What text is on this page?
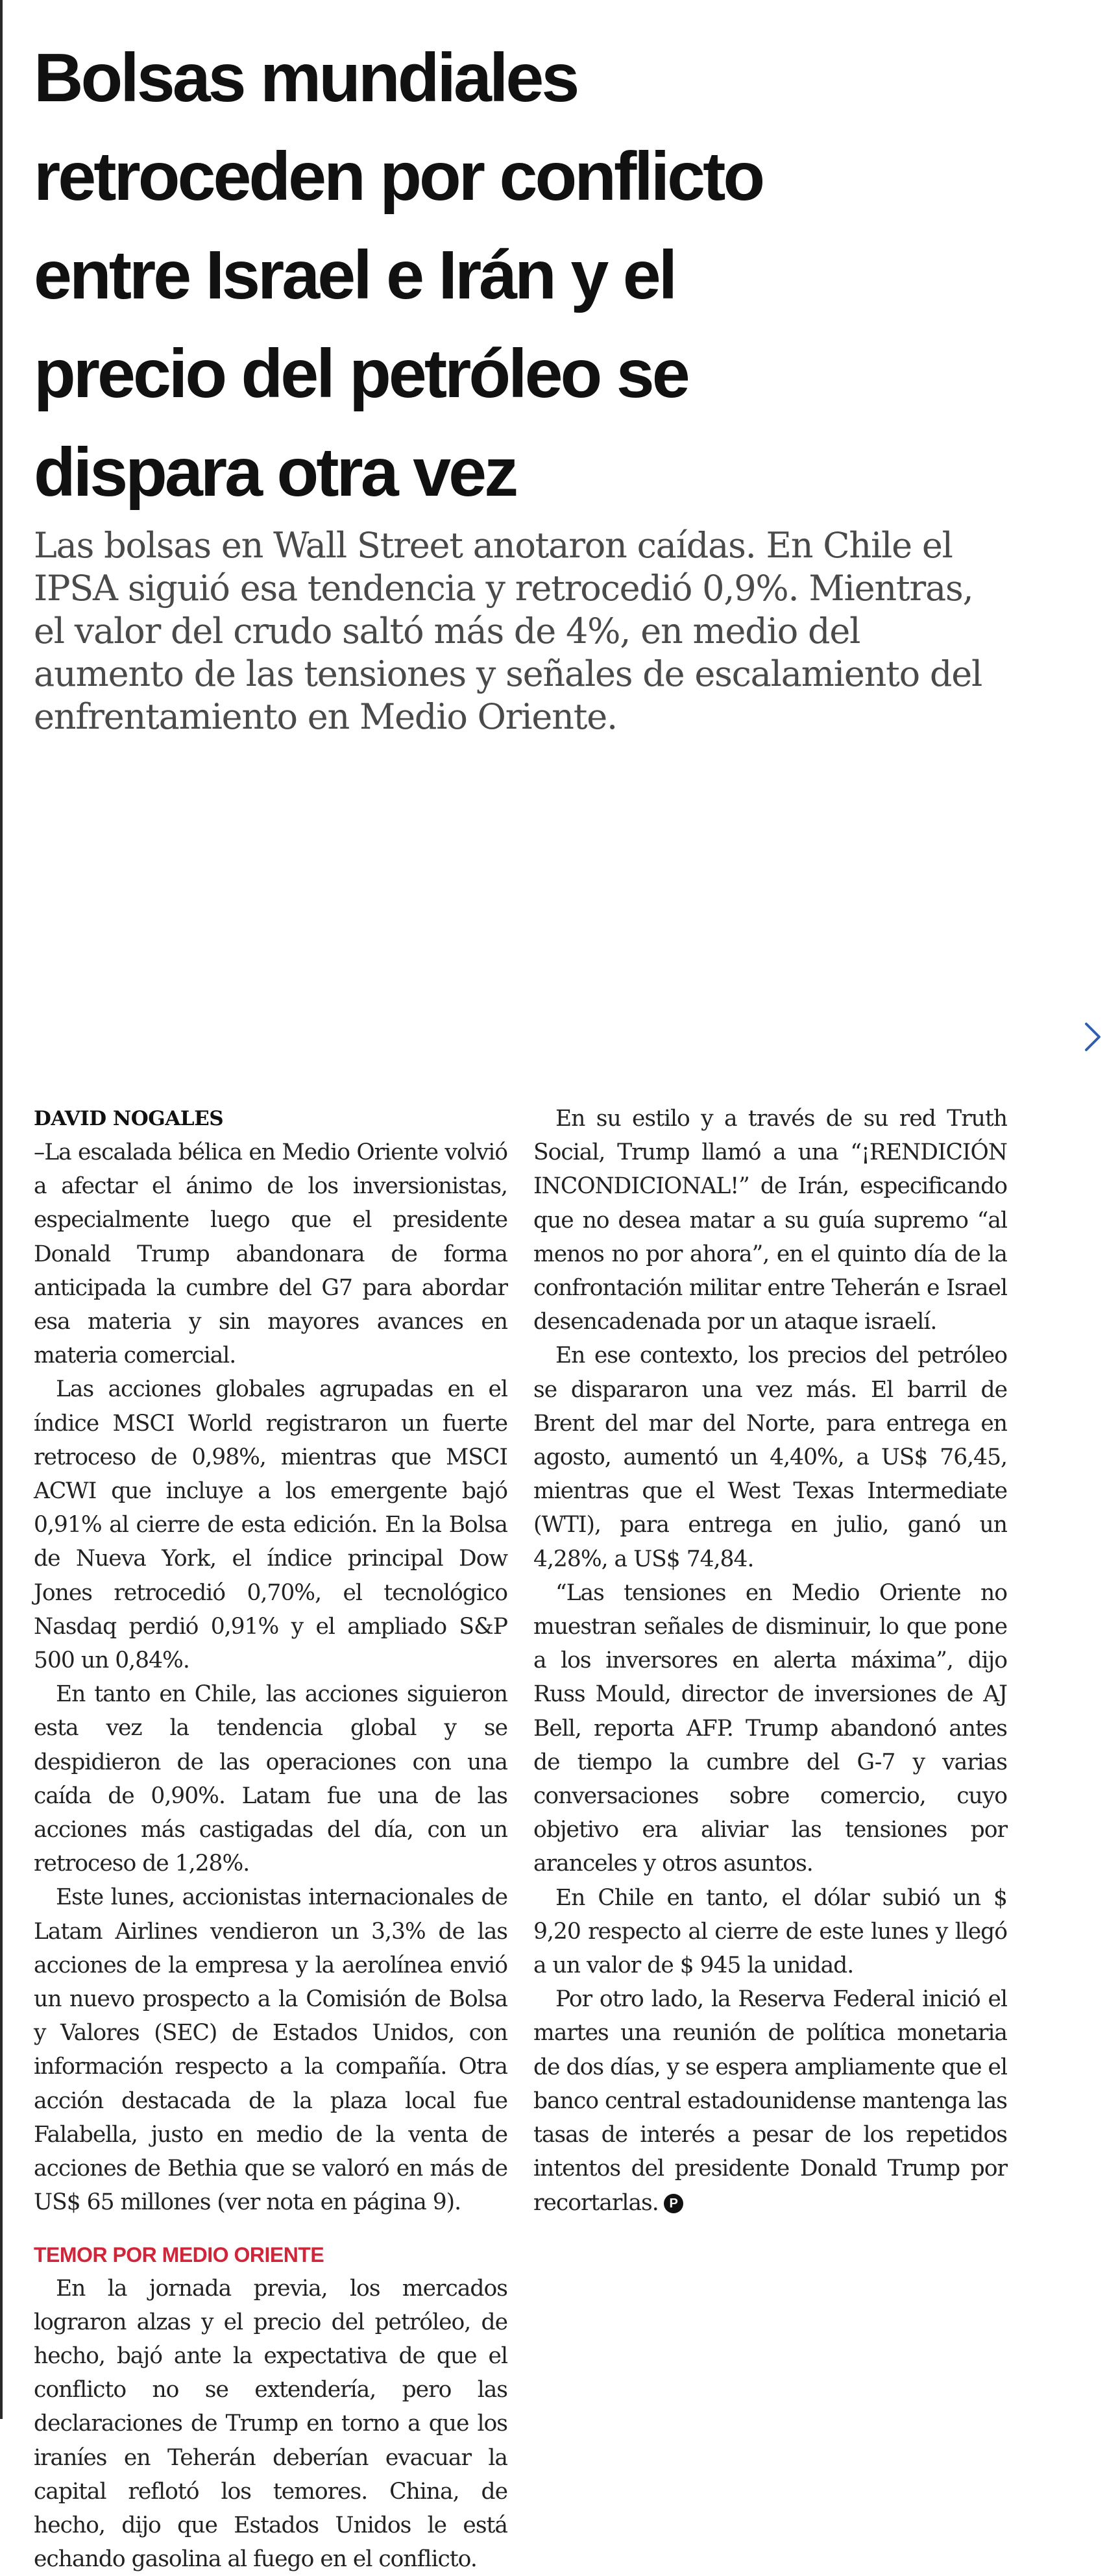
Bolsas mundiales
retroceden por conflicto
entre Israel e Irán y el
precio del petróleo se
dispara otra vez
Las bolsas en Wall Street anotaron caídas. En Chile el
IPSA siguió esa tendencia y retrocedió 0,9%. Mientras,
el valor del crudo saltó más de 4%, en medio del
aumento de las tensiones y señales de escalamiento del
enfrentamiento en Medio Oriente.
DAVID NOGALES

–La escalada bélica en Medio Oriente volvió a afectar el ánimo de los inversionistas, especialmente luego que el presidente Donald Trump abandonara de forma anticipada la cumbre del G7 para abordar esa materia y sin mayores avances en materia comercial.

Las acciones globales agrupadas en el índice MSCI World registraron un fuerte retroceso de 0,98%, mientras que MSCI ACWI que incluye a los emergente bajó 0,91% al cierre de esta edición. En la Bolsa de Nueva York, el índice principal Dow Jones retrocedió 0,70%, el tecnológico Nasdaq perdió 0,91% y el ampliado S&P 500 un 0,84%.

En tanto en Chile, las acciones siguieron esta vez la tendencia global y se despidieron de las operaciones con una caída de 0,90%. Latam fue una de las acciones más castigadas del día, con un retroceso de 1,28%.

Este lunes, accionistas internacionales de Latam Airlines vendieron un 3,3% de las acciones de la empresa y la aerolínea envió un nuevo prospecto a la Comisión de Bolsa y Valores (SEC) de Estados Unidos, con información respecto a la compañía. Otra acción destacada de la plaza local fue Falabella, justo en medio de la venta de acciones de Bethia que se valoró en más de US$ 65 millones (ver nota en página 9).

TEMOR POR MEDIO ORIENTE

En la jornada previa, los mercados lograron alzas y el precio del petróleo, de hecho, bajó ante la expectativa de que el conflicto no se extendería, pero las declaraciones de Trump en torno a que los iraníes en Teherán deberían evacuar la capital reflotó los temores. China, de hecho, dijo que Estados Unidos le está echando gasolina al fuego en el conflicto.

En su estilo y a través de su red Truth Social, Trump llamó a una “¡RENDICIÓN INCONDICIONAL!” de Irán, especificando que no desea matar a su guía supremo “al menos no por ahora”, en el quinto día de la confrontación militar entre Teherán e Israel desencadenada por un ataque israelí.

En ese contexto, los precios del petróleo se dispararon una vez más. El barril de Brent del mar del Norte, para entrega en agosto, aumentó un 4,40%, a US$ 76,45, mientras que el West Texas Intermediate (WTI), para entrega en julio, ganó un 4,28%, a US$ 74,84.

“Las tensiones en Medio Oriente no muestran señales de disminuir, lo que pone a los inversores en alerta máxima”, dijo Russ Mould, director de inversiones de AJ Bell, reporta AFP. Trump abandonó antes de tiempo la cumbre del G-7 y varias conversaciones sobre comercio, cuyo objetivo era aliviar las tensiones por aranceles y otros asuntos.

En Chile en tanto, el dólar subió un $ 9,20 respecto al cierre de este lunes y llegó a un valor de $ 945 la unidad.

Por otro lado, la Reserva Federal inició el martes una reunión de política monetaria de dos días, y se espera ampliamente que el banco central estadounidense mantenga las tasas de interés a pesar de los repetidos intentos del presidente Donald Trump por recortarlas. P
